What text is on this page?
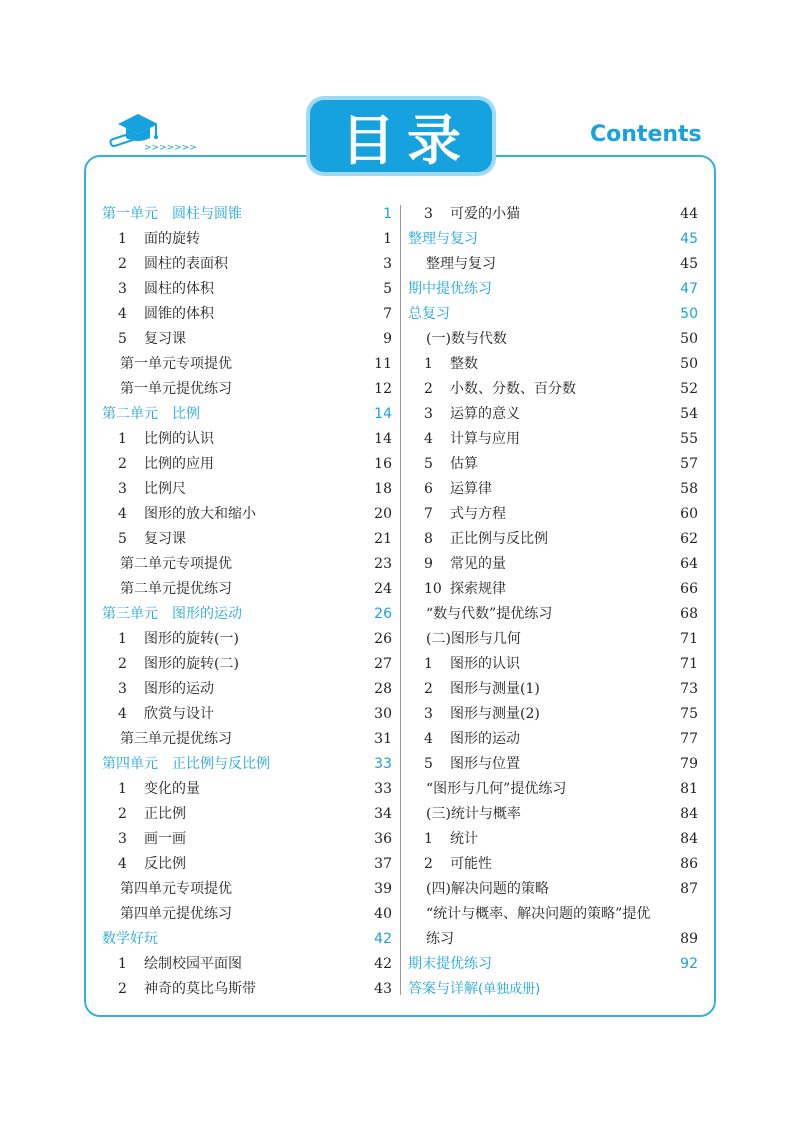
>>>>>>>	目录	Contents
第一单元　圆柱与圆锥	1
1 面的旋转	1
2 圆柱的表面积	3
3 圆柱的体积	5
4 圆锥的体积	7
5 复习课	9
第一单元专项提优	11
第一单元提优练习	12
第二单元　比例	14
1 比例的认识	14
2 比例的应用	16
3 比例尺	18
4 图形的放大和缩小	20
5 复习课	21
第二单元专项提优	23
第二单元提优练习	24
第三单元　图形的运动	26
1 图形的旋转(一)	26
2 图形的旋转(二)	27
3 图形的运动	28
4 欣赏与设计	30
第三单元提优练习	31
第四单元　正比例与反比例	33
1 变化的量	33
2 正比例	34
3 画一画	36
4 反比例	37
第四单元专项提优	39
第四单元提优练习	40
数学好玩	42
1 绘制校园平面图	42
2 神奇的莫比乌斯带	43
3 可爱的小猫	44
整理与复习	45
整理与复习	45
期中提优练习	47
总复习	50
(一)数与代数	50
1 整数	50
2 小数、分数、百分数	52
3 运算的意义	54
4 计算与应用	55
5 估算	57
6 运算律	58
7 式与方程	60
8 正比例与反比例	62
9 常见的量	64
10 探索规律	66
“数与代数”提优练习	68
(二)图形与几何	71
1 图形的认识	71
2 图形与测量(1)	73
3 图形与测量(2)	75
4 图形的运动	77
5 图形与位置	79
“图形与几何”提优练习	81
(三)统计与概率	84
1 统计	84
2 可能性	86
(四)解决问题的策略	87
“统计与概率、解决问题的策略”提优
练习	89
期末提优练习	92
答案与详解(单独成册)
